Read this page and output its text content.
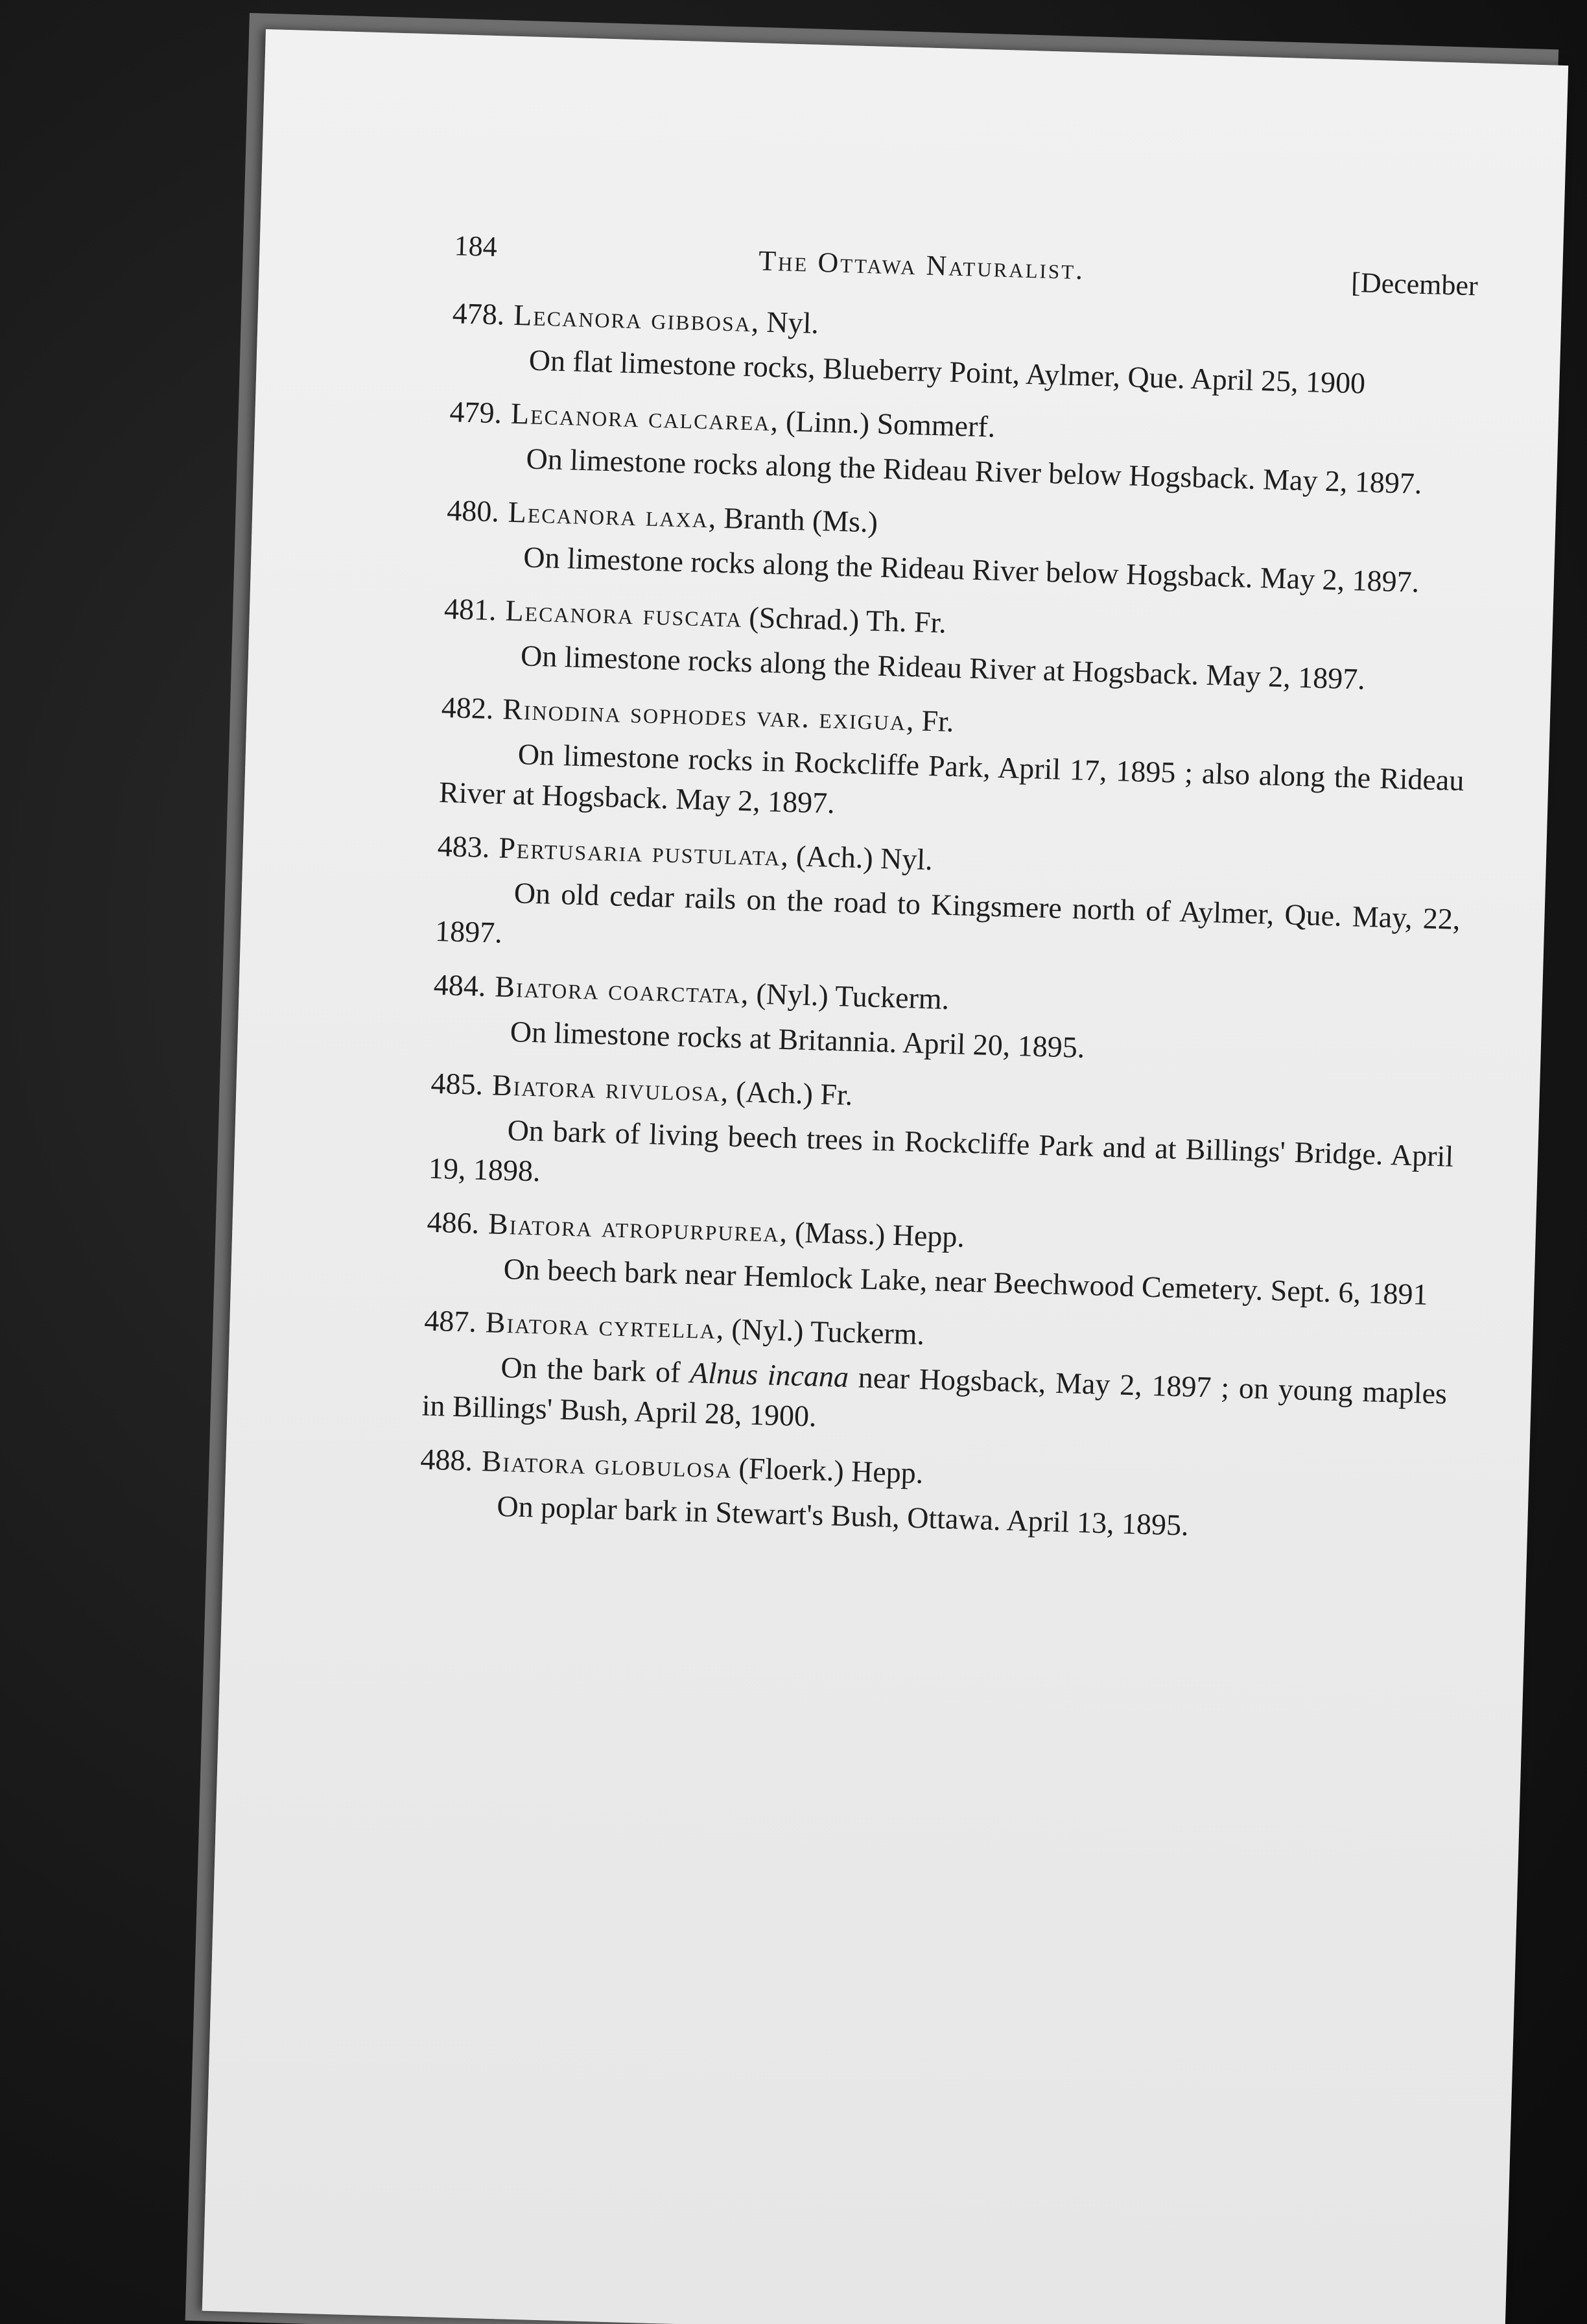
184	The Ottawa Naturalist.	[December
478. Lecanora gibbosa, Nyl.

On flat limestone rocks, Blueberry Point, Aylmer, Que. April 25, 1900

479. Lecanora calcarea, (Linn.) Sommerf.

On limestone rocks along the Rideau River below Hogsback. May 2, 1897.

480. Lecanora laxa, Branth (Ms.)

On limestone rocks along the Rideau River below Hogsback. May 2, 1897.

481. Lecanora fuscata (Schrad.) Th. Fr.

On limestone rocks along the Rideau River at Hogsback. May 2, 1897.

482. Rinodina sophodes var. exigua, Fr.

On limestone rocks in Rockcliffe Park, April 17, 1895 ; also along the Rideau River at Hogsback. May 2, 1897.

483. Pertusaria pustulata, (Ach.) Nyl.

On old cedar rails on the road to Kingsmere north of Aylmer, Que. May, 22, 1897.

484. Biatora coarctata, (Nyl.) Tuckerm.

On limestone rocks at Britannia. April 20, 1895.

485. Biatora rivulosa, (Ach.) Fr.

On bark of living beech trees in Rockcliffe Park and at Billings' Bridge. April 19, 1898.

486. Biatora atropurpurea, (Mass.) Hepp.

On beech bark near Hemlock Lake, near Beechwood Cemetery. Sept. 6, 1891

487. Biatora cyrtella, (Nyl.) Tuckerm.

On the bark of Alnus incana near Hogsback, May 2, 1897 ; on young maples in Billings' Bush, April 28, 1900.

488. Biatora globulosa (Floerk.) Hepp.

On poplar bark in Stewart's Bush, Ottawa. April 13, 1895.
